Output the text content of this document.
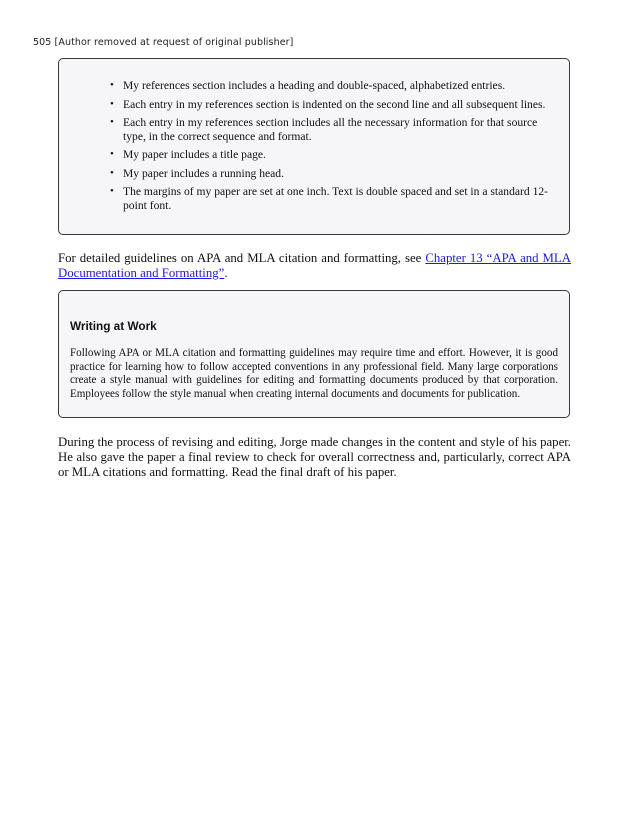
505 [Author removed at request of original publisher]
• My references section includes a heading and double-spaced, alphabetized entries.
• Each entry in my references section is indented on the second line and all subsequent lines.
• Each entry in my references section includes all the necessary information for that source type, in the correct sequence and format.
• My paper includes a title page.
• My paper includes a running head.
• The margins of my paper are set at one inch. Text is double spaced and set in a standard 12-point font.

For detailed guidelines on APA and MLA citation and formatting, see Chapter 13 “APA and MLA Documentation and Formatting”.

Writing at Work

Following APA or MLA citation and formatting guidelines may require time and effort. However, it is good practice for learning how to follow accepted conventions in any professional field. Many large corporations create a style manual with guidelines for editing and formatting documents produced by that corporation. Employees follow the style manual when creating internal documents and documents for publication.

During the process of revising and editing, Jorge made changes in the content and style of his paper. He also gave the paper a final review to check for overall correctness and, particularly, correct APA or MLA citations and formatting. Read the final draft of his paper.
